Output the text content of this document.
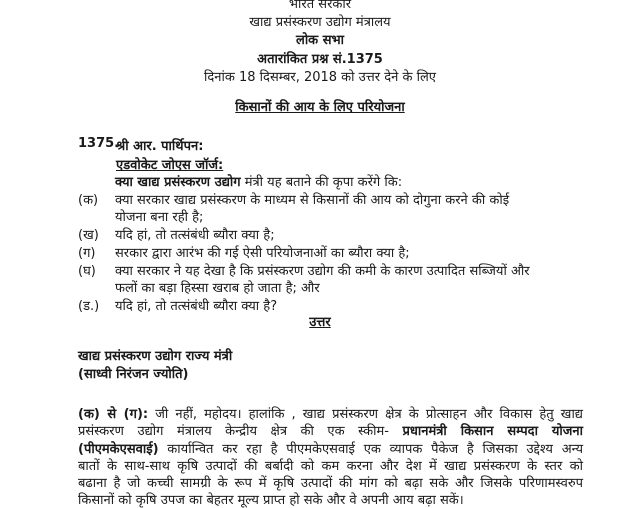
भारत सरकार
खाद्य प्रसंस्करण उद्योग मंत्रालय
लोक सभा
अतारांकित प्रश्न सं.1375
दिनांक 18 दिसम्बर, 2018 को उत्तर देने के लिए
किसानों की आय के लिए परियोजना
1375.
श्री आर. पार्थिपन:
एडवोकेट जोएस जॉर्ज:
क्या खाद्य प्रसंस्करण उद्योग मंत्री यह बताने की कृपा करेंगे कि:
(क) क्या सरकार खाद्य प्रसंस्करण के माध्यम से किसानों की आय को दोगुना करने की कोई
योजना बना रही है;
(ख) यदि हां, तो तत्संबंधी ब्यौरा क्या है;
(ग) सरकार द्वारा आरंभ की गई ऐसी परियोजनाओं का ब्यौरा क्या है;
(घ) क्या सरकार ने यह देखा है कि प्रसंस्करण उद्योग की कमी के कारण उत्पादित सब्जियों और
फलों का बड़ा हिस्सा खराब हो जाता है; और
(ड.) यदि हां, तो तत्संबंधी ब्यौरा क्या है?
उत्तर
खाद्य प्रसंस्करण उद्योग राज्य मंत्री
(साध्वी निरंजन ज्योति)
(क) से (ग): जी नहीं, महोदय। हालांकि , खाद्य प्रसंस्करण क्षेत्र के प्रोत्साहन और विकास हेतु खाद्य
प्रसंस्करण उद्योग मंत्रालय केन्द्रीय क्षेत्र की एक स्कीम- प्रधानमंत्री किसान सम्पदा योजना
(पीएमकेएसवाई) कार्यान्वित कर रहा है पीएमकेएसवाई एक व्यापक पैकेज है जिसका उद्देश्य अन्य
बातों के साथ-साथ कृषि उत्पादों की बर्बादी को कम करना और देश में खाद्य प्रसंस्करण के स्तर को
बढाना है जो कच्ची सामग्री के रूप में कृषि उत्पादों की मांग को बढ़ा सके और जिसके परिणामस्वरुप
किसानों को कृषि उपज का बेहतर मूल्य प्राप्त हो सके और वे अपनी आय बढ़ा सकें।
